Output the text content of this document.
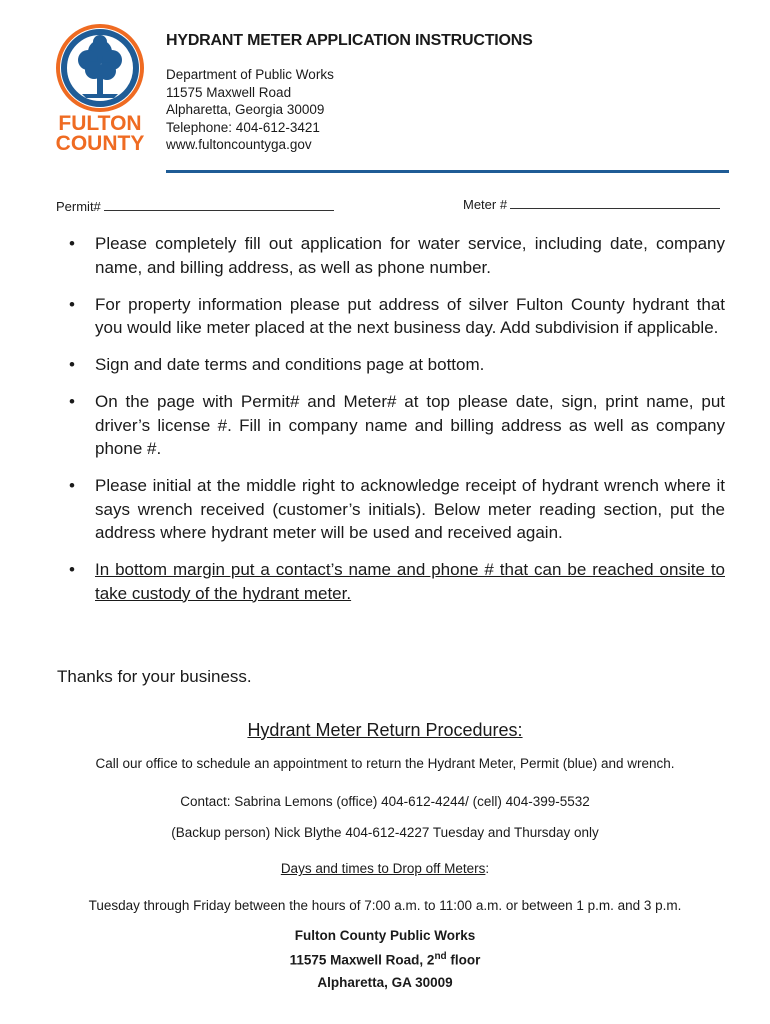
FULTON
COUNTY
HYDRANT METER APPLICATION INSTRUCTIONS
Department of Public Works
11575 Maxwell Road
Alpharetta, Georgia 30009
Telephone: 404-612-3421
www.fultoncountyga.gov
Permit#	Meter #
• Please completely fill out application for water service, including date, company name, and billing address, as well as phone number.
• For property information please put address of silver Fulton County hydrant that you would like meter placed at the next business day. Add subdivision if applicable.
• Sign and date terms and conditions page at bottom.
• On the page with Permit# and Meter# at top please date, sign, print name, put driver’s license #. Fill in company name and billing address as well as company phone #.
• Please initial at the middle right to acknowledge receipt of hydrant wrench where it says wrench received (customer’s initials). Below meter reading section, put the address where hydrant meter will be used and received again.
• In bottom margin put a contact’s name and phone # that can be reached onsite to take custody of the hydrant meter.
Thanks for your business.
Hydrant Meter Return Procedures:
Call our office to schedule an appointment to return the Hydrant Meter, Permit (blue) and wrench.
Contact: Sabrina Lemons (office) 404-612-4244/ (cell) 404-399-5532
(Backup person) Nick Blythe 404-612-4227 Tuesday and Thursday only
Days and times to Drop off Meters:
Tuesday through Friday between the hours of 7:00 a.m. to 11:00 a.m. or between 1 p.m. and 3 p.m.
Fulton County Public Works
11575 Maxwell Road, 2nd floor
Alpharetta, GA 30009
